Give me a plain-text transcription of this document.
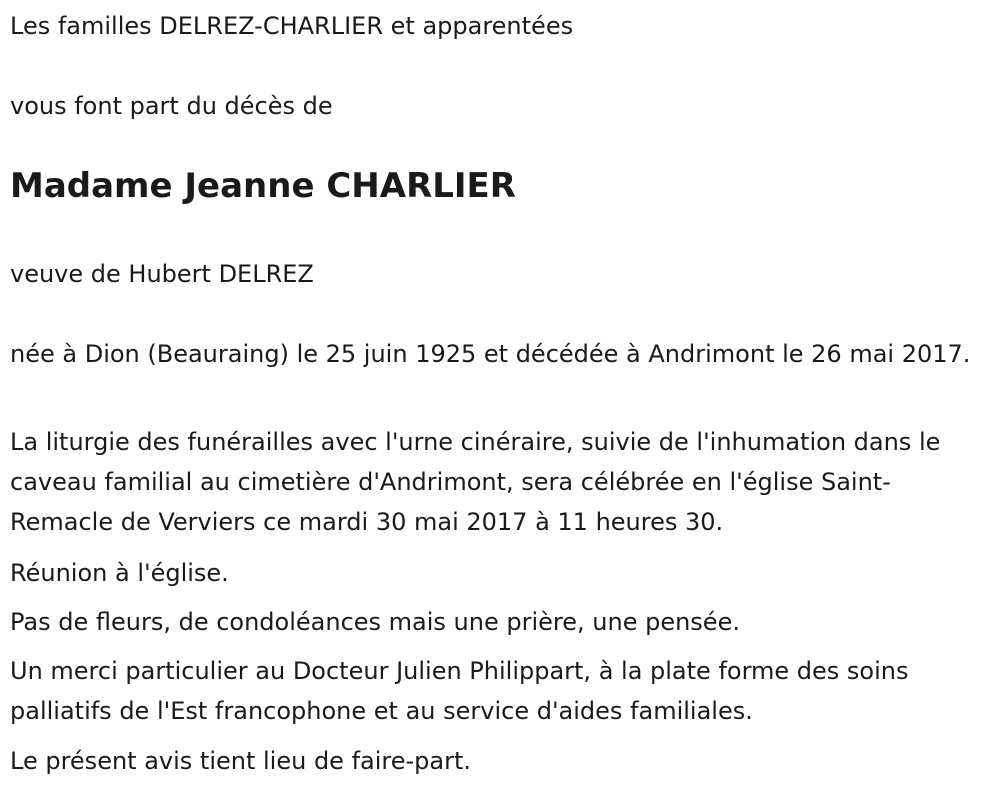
Les familles DELREZ-CHARLIER et apparentées

vous font part du décès de

Madame Jeanne CHARLIER

veuve de Hubert DELREZ

née à Dion (Beauraing) le 25 juin 1925 et décédée à Andrimont le 26 mai 2017.

La liturgie des funérailles avec l'urne cinéraire, suivie de l'inhumation dans le caveau familial au cimetière d'Andrimont, sera célébrée en l'église Saint-Remacle de Verviers ce mardi 30 mai 2017 à 11 heures 30.

Réunion à l'église.

Pas de fleurs, de condoléances mais une prière, une pensée.

Un merci particulier au Docteur Julien Philippart, à la plate forme des soins palliatifs de l'Est francophone et au service d'aides familiales.

Le présent avis tient lieu de faire-part.
